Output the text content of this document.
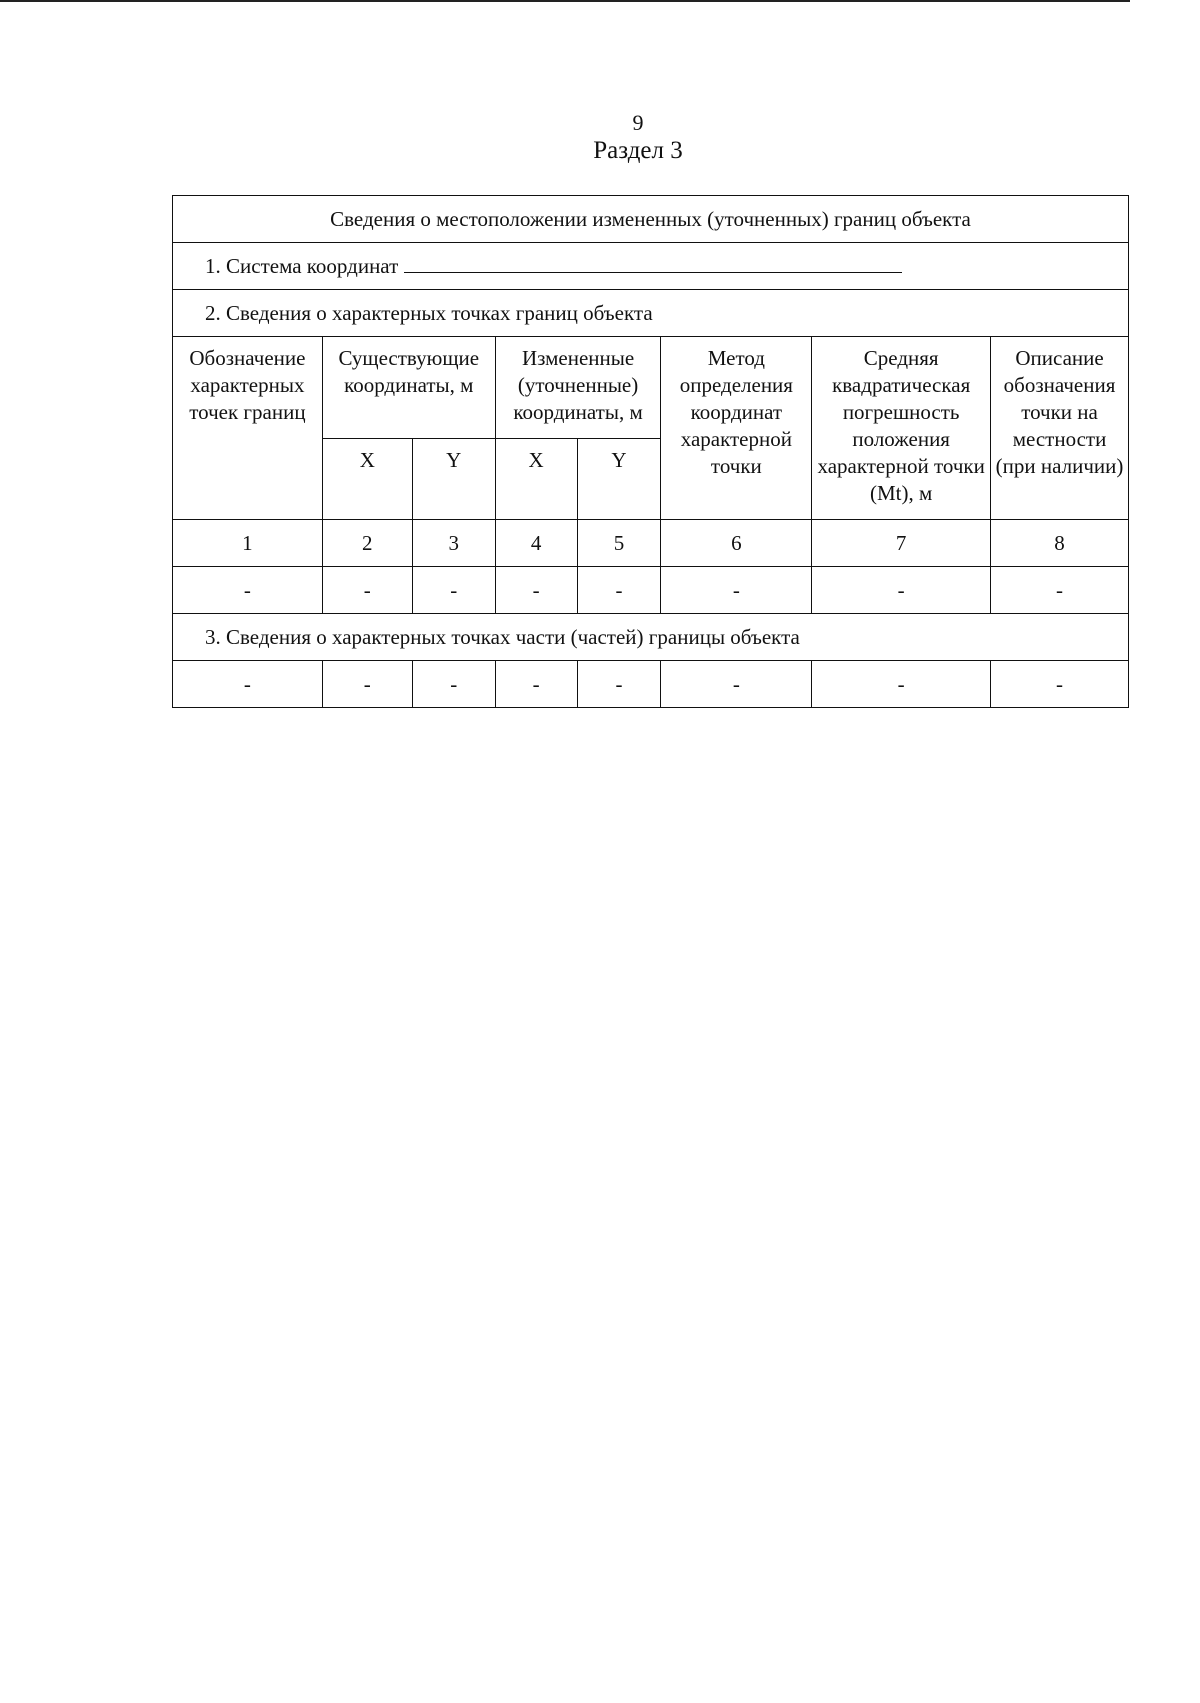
9
Раздел 3
Сведения о местоположении измененных (уточненных) границ объекта							
1. Система координат							
2. Сведения о характерных точках границ объекта							
Обозначение характерных точек границ	Существующие координаты, м		Измененные (уточненные) координаты, м		Метод определения координат характерной точки	Средняя квадратическая погрешность положения характерной точки (Mt), м	Описание обозначения точки на местности (при наличии)
	X	Y	X	Y			
1	2	3	4	5	6	7	8
-	-	-	-	-	-	-	-
3. Сведения о характерных точках части (частей) границы объекта							
-	-	-	-	-	-	-	-
